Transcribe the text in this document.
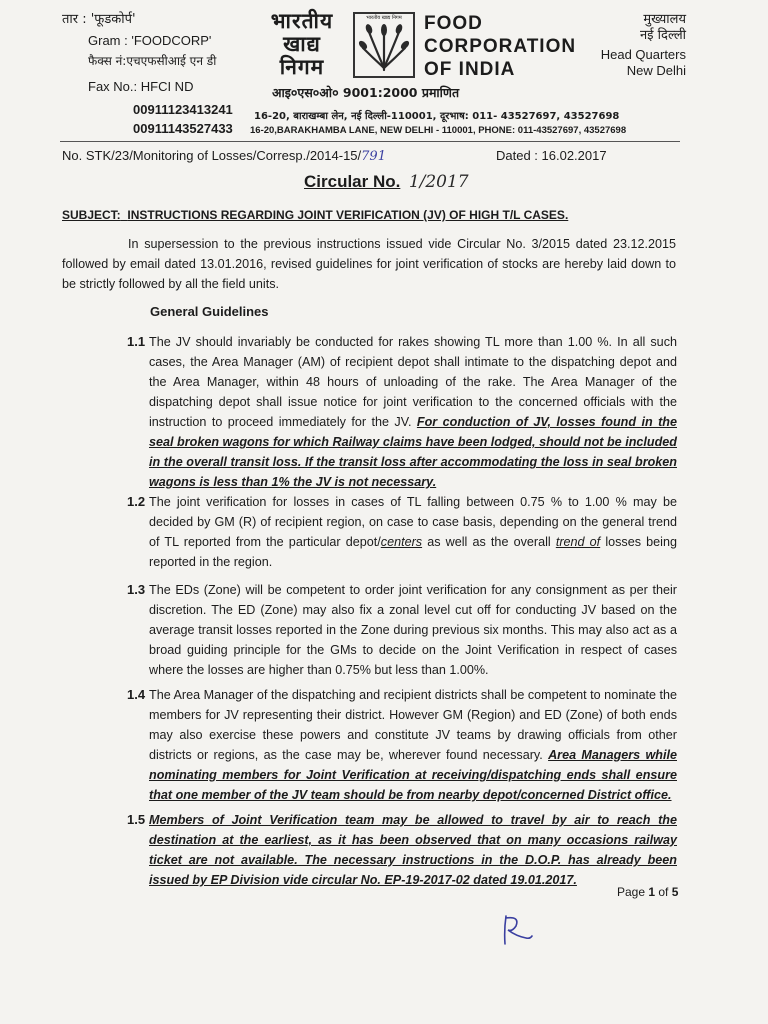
तार : 'फूडकोर्प'
Gram : 'FOODCORP'
फैक्स नं:एचएफसीआई एन डी
Fax No.: HFCI ND
00911123413241
00911143527433
भारतीय
खाद्य
निगम
भारतीय खाद्य निगम	FOOD
CORPORATION
OF INDIA
मुख्यालय
नई दिल्ली
Head Quarters
New Delhi
आइ०एस०ओ० 9001:2000 प्रमाणित
16-20, बाराखम्बा लेन, नई दिल्ली-110001, दूरभाष: 011- 43527697, 43527698
16-20,BARAKHAMBA LANE, NEW DELHI - 110001, PHONE: 011-43527697, 43527698
No. STK/23/Monitoring of Losses/Corresp./2014-15/791	Dated : 16.02.2017
Circular No. 1/2017
SUBJECT: INSTRUCTIONS REGARDING JOINT VERIFICATION (JV) OF HIGH T/L CASES.
In supersession to the previous instructions issued vide Circular No. 3/2015 dated 23.12.2015 followed by email dated 13.01.2016, revised guidelines for joint verification of stocks are hereby laid down to be strictly followed by all the field units.
General Guidelines
1.1 The JV should invariably be conducted for rakes showing TL more than 1.00 %. In all such cases, the Area Manager (AM) of recipient depot shall intimate to the dispatching depot and the Area Manager, within 48 hours of unloading of the rake. The Area Manager of the dispatching depot shall issue notice for joint verification to the concerned officials with the instruction to proceed immediately for the JV. For conduction of JV, losses found in the seal broken wagons for which Railway claims have been lodged, should not be included in the overall transit loss. If the transit loss after accommodating the loss in seal broken wagons is less than 1% the JV is not necessary.
1.2 The joint verification for losses in cases of TL falling between 0.75 % to 1.00 % may be decided by GM (R) of recipient region, on case to case basis, depending on the general trend of TL reported from the particular depot/centers as well as the overall trend of losses being reported in the region.
1.3 The EDs (Zone) will be competent to order joint verification for any consignment as per their discretion. The ED (Zone) may also fix a zonal level cut off for conducting JV based on the average transit losses reported in the Zone during previous six months. This may also act as a broad guiding principle for the GMs to decide on the Joint Verification in respect of cases where the losses are higher than 0.75% but less than 1.00%.
1.4 The Area Manager of the dispatching and recipient districts shall be competent to nominate the members for JV representing their district. However GM (Region) and ED (Zone) of both ends may also exercise these powers and constitute JV teams by drawing officials from other districts or regions, as the case may be, wherever found necessary. Area Managers while nominating members for Joint Verification at receiving/dispatching ends shall ensure that one member of the JV team should be from nearby depot/concerned District office.
1.5 Members of Joint Verification team may be allowed to travel by air to reach the destination at the earliest, as it has been observed that on many occasions railway ticket are not available. The necessary instructions in the D.O.P. has already been issued by EP Division vide circular No. EP-19-2017-02 dated 19.01.2017.
Page 1 of 5
